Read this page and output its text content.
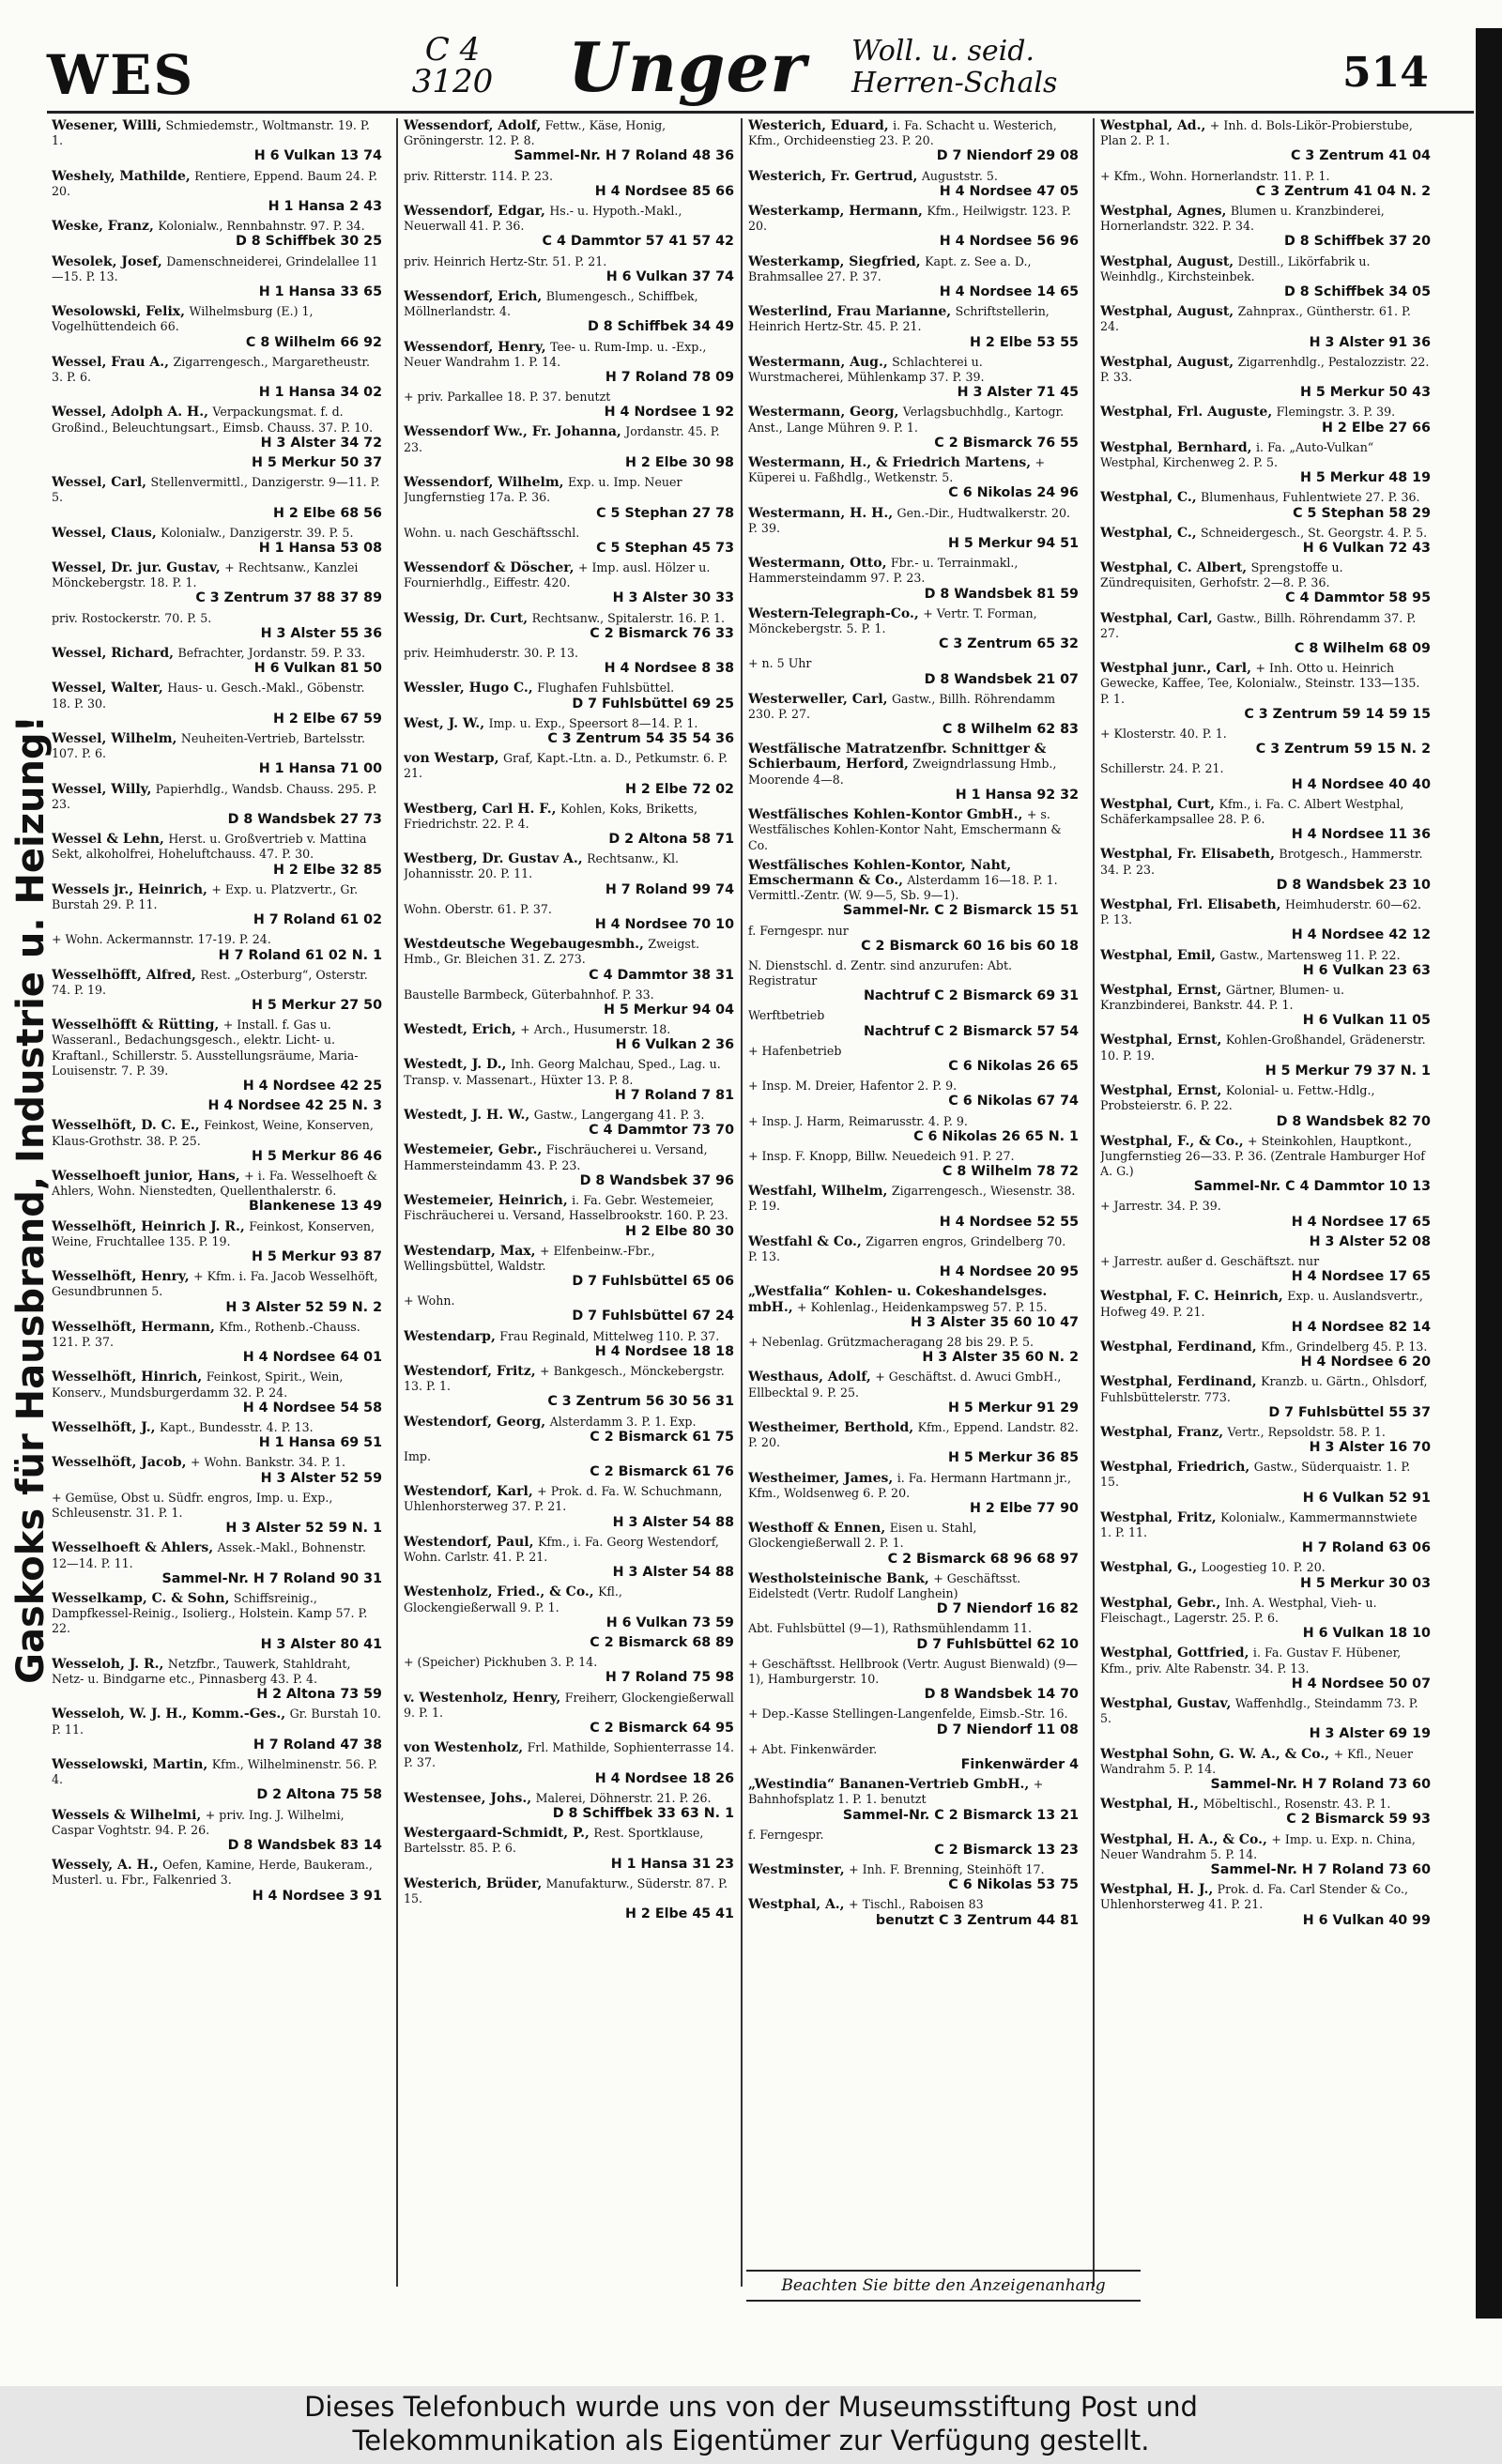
WES	C 4
3120 Unger Woll. u. seid.
Herren-Schals	514
Gaskoks für Hausbrand, Industrie u. Heizung!
Wesener, Willi, Schmiedemstr., Woltmanstr. 19. P. 1.
H 6 Vulkan 13 74
Weshely, Mathilde, Rentiere, Eppend. Baum 24. P. 20.
H 1 Hansa 2 43
Weske, Franz, Kolonialw., Rennbahnstr. 97. P. 34.
D 8 Schiffbek 30 25
Wesolek, Josef, Damenschneiderei, Grindelallee 11—15. P. 13.
H 1 Hansa 33 65
Wesolowski, Felix, Wilhelmsburg (E.) 1, Vogelhüttendeich 66.
C 8 Wilhelm 66 92
Wessel, Frau A., Zigarrengesch., Margaretheustr. 3. P. 6.
H 1 Hansa 34 02
Wessel, Adolph A. H., Verpackungsmat. f. d. Großind., Beleuchtungsart., Eimsb. Chauss. 37. P. 10.
H 3 Alster 34 72
H 5 Merkur 50 37
Wessel, Carl, Stellenvermittl., Danzigerstr. 9—11. P. 5.
H 2 Elbe 68 56
Wessel, Claus, Kolonialw., Danzigerstr. 39. P. 5.
H 1 Hansa 53 08
Wessel, Dr. jur. Gustav, + Rechtsanw., Kanzlei Mönckebergstr. 18. P. 1.
C 3 Zentrum 37 88 37 89
priv. Rostockerstr. 70. P. 5.
H 3 Alster 55 36
Wessel, Richard, Befrachter, Jordanstr. 59. P. 33.
H 6 Vulkan 81 50
Wessel, Walter, Haus- u. Gesch.-Makl., Göbenstr. 18. P. 30.
H 2 Elbe 67 59
Wessel, Wilhelm, Neuheiten-Vertrieb, Bartelsstr. 107. P. 6.
H 1 Hansa 71 00
Wessel, Willy, Papierhdlg., Wandsb. Chauss. 295. P. 23.
D 8 Wandsbek 27 73
Wessel & Lehn, Herst. u. Großvertrieb v. Mattina Sekt, alkoholfrei, Hoheluftchauss. 47. P. 30.
H 2 Elbe 32 85
Wessels jr., Heinrich, + Exp. u. Platzvertr., Gr. Burstah 29. P. 11.
H 7 Roland 61 02
+ Wohn. Ackermannstr. 17-19. P. 24.
H 7 Roland 61 02 N. 1
Wesselhöfft, Alfred, Rest. „Osterburg“, Osterstr. 74. P. 19.
H 5 Merkur 27 50
Wesselhöfft & Rütting, + Install. f. Gas u. Wasseranl., Bedachungsgesch., elektr. Licht- u. Kraftanl., Schillerstr. 5. Ausstellungsräume, Maria-Louisenstr. 7. P. 39.
H 4 Nordsee 42 25
H 4 Nordsee 42 25 N. 3
Wesselhöft, D. C. E., Feinkost, Weine, Konserven, Klaus-Grothstr. 38. P. 25.
H 5 Merkur 86 46
Wesselhoeft junior, Hans, + i. Fa. Wesselhoeft & Ahlers, Wohn. Nienstedten, Quellenthalerstr. 6.
Blankenese 13 49
Wesselhöft, Heinrich J. R., Feinkost, Konserven, Weine, Fruchtallee 135. P. 19.
H 5 Merkur 93 87
Wesselhöft, Henry, + Kfm. i. Fa. Jacob Wesselhöft, Gesundbrunnen 5.
H 3 Alster 52 59 N. 2
Wesselhöft, Hermann, Kfm., Rothenb.-Chauss. 121. P. 37.
H 4 Nordsee 64 01
Wesselhöft, Hinrich, Feinkost, Spirit., Wein, Konserv., Mundsburgerdamm 32. P. 24.
H 4 Nordsee 54 58
Wesselhöft, J., Kapt., Bundesstr. 4. P. 13.
H 1 Hansa 69 51
Wesselhöft, Jacob, + Wohn. Bankstr. 34. P. 1.
H 3 Alster 52 59
+ Gemüse, Obst u. Südfr. engros, Imp. u. Exp., Schleusenstr. 31. P. 1.
H 3 Alster 52 59 N. 1
Wesselhoeft & Ahlers, Assek.-Makl., Bohnenstr. 12—14. P. 11.
Sammel-Nr. H 7 Roland 90 31
Wesselkamp, C. & Sohn, Schiffsreinig., Dampfkessel-Reinig., Isolierg., Holstein. Kamp 57. P. 22.
H 3 Alster 80 41
Wesseloh, J. R., Netzfbr., Tauwerk, Stahldraht, Netz- u. Bindgarne etc., Pinnasberg 43. P. 4.
H 2 Altona 73 59
Wesseloh, W. J. H., Komm.-Ges., Gr. Burstah 10. P. 11.
H 7 Roland 47 38
Wesselowski, Martin, Kfm., Wilhelminenstr. 56. P. 4.
D 2 Altona 75 58
Wessels & Wilhelmi, + priv. Ing. J. Wilhelmi, Caspar Voghtstr. 94. P. 26.
D 8 Wandsbek 83 14
Wessely, A. H., Oefen, Kamine, Herde, Baukeram., Musterl. u. Fbr., Falkenried 3.
H 4 Nordsee 3 91
Wessendorf, Adolf, Fettw., Käse, Honig, Gröningerstr. 12. P. 8.
Sammel-Nr. H 7 Roland 48 36
priv. Ritterstr. 114. P. 23.
H 4 Nordsee 85 66
Wessendorf, Edgar, Hs.- u. Hypoth.-Makl., Neuerwall 41. P. 36.
C 4 Dammtor 57 41 57 42
priv. Heinrich Hertz-Str. 51. P. 21.
H 6 Vulkan 37 74
Wessendorf, Erich, Blumengesch., Schiffbek, Möllnerlandstr. 4.
D 8 Schiffbek 34 49
Wessendorf, Henry, Tee- u. Rum-Imp. u. -Exp., Neuer Wandrahm 1. P. 14.
H 7 Roland 78 09
+ priv. Parkallee 18. P. 37. benutzt
H 4 Nordsee 1 92
Wessendorf Ww., Fr. Johanna, Jordanstr. 45. P. 23.
H 2 Elbe 30 98
Wessendorf, Wilhelm, Exp. u. Imp. Neuer Jungfernstieg 17a. P. 36.
C 5 Stephan 27 78
Wohn. u. nach Geschäftsschl.
C 5 Stephan 45 73
Wessendorf & Döscher, + Imp. ausl. Hölzer u. Fournierhdlg., Eiffestr. 420.
H 3 Alster 30 33
Wessig, Dr. Curt, Rechtsanw., Spitalerstr. 16. P. 1.
C 2 Bismarck 76 33
priv. Heimhuderstr. 30. P. 13.
H 4 Nordsee 8 38
Wessler, Hugo C., Flughafen Fuhlsbüttel.
D 7 Fuhlsbüttel 69 25
West, J. W., Imp. u. Exp., Speersort 8—14. P. 1.
C 3 Zentrum 54 35 54 36
von Westarp, Graf, Kapt.-Ltn. a. D., Petkumstr. 6. P. 21.
H 2 Elbe 72 02
Westberg, Carl H. F., Kohlen, Koks, Briketts, Friedrichstr. 22. P. 4.
D 2 Altona 58 71
Westberg, Dr. Gustav A., Rechtsanw., Kl. Johannisstr. 20. P. 11.
H 7 Roland 99 74
Wohn. Oberstr. 61. P. 37.
H 4 Nordsee 70 10
Westdeutsche Wegebaugesmbh., Zweigst. Hmb., Gr. Bleichen 31. Z. 273.
C 4 Dammtor 38 31
Baustelle Barmbeck, Güterbahnhof. P. 33.
H 5 Merkur 94 04
Westedt, Erich, + Arch., Husumerstr. 18.
H 6 Vulkan 2 36
Westedt, J. D., Inh. Georg Malchau, Sped., Lag. u. Transp. v. Massenart., Hüxter 13. P. 8.
H 7 Roland 7 81
Westedt, J. H. W., Gastw., Langergang 41. P. 3.
C 4 Dammtor 73 70
Westemeier, Gebr., Fischräucherei u. Versand, Hammersteindamm 43. P. 23.
D 8 Wandsbek 37 96
Westemeier, Heinrich, i. Fa. Gebr. Westemeier, Fischräucherei u. Versand, Hasselbrookstr. 160. P. 23.
H 2 Elbe 80 30
Westendarp, Max, + Elfenbeinw.-Fbr., Wellingsbüttel, Waldstr.
D 7 Fuhlsbüttel 65 06
+ Wohn.
D 7 Fuhlsbüttel 67 24
Westendarp, Frau Reginald, Mittelweg 110. P. 37.
H 4 Nordsee 18 18
Westendorf, Fritz, + Bankgesch., Mönckebergstr. 13. P. 1.
C 3 Zentrum 56 30 56 31
Westendorf, Georg, Alsterdamm 3. P. 1. Exp.
C 2 Bismarck 61 75
Imp.
C 2 Bismarck 61 76
Westendorf, Karl, + Prok. d. Fa. W. Schuchmann, Uhlenhorsterweg 37. P. 21.
H 3 Alster 54 88
Westendorf, Paul, Kfm., i. Fa. Georg Westendorf, Wohn. Carlstr. 41. P. 21.
H 3 Alster 54 88
Westenholz, Fried., & Co., Kfl., Glockengießerwall 9. P. 1.
H 6 Vulkan 73 59
C 2 Bismarck 68 89
+ (Speicher) Pickhuben 3. P. 14.
H 7 Roland 75 98
v. Westenholz, Henry, Freiherr, Glockengießerwall 9. P. 1.
C 2 Bismarck 64 95
von Westenholz, Frl. Mathilde, Sophienterrasse 14. P. 37.
H 4 Nordsee 18 26
Westensee, Johs., Malerei, Döhnerstr. 21. P. 26.
D 8 Schiffbek 33 63 N. 1
Westergaard-Schmidt, P., Rest. Sportklause, Bartelsstr. 85. P. 6.
H 1 Hansa 31 23
Westerich, Brüder, Manufakturw., Süderstr. 87. P. 15.
H 2 Elbe 45 41
Westerich, Eduard, i. Fa. Schacht u. Westerich, Kfm., Orchideenstieg 23. P. 20.
D 7 Niendorf 29 08
Westerich, Fr. Gertrud, Auguststr. 5.
H 4 Nordsee 47 05
Westerkamp, Hermann, Kfm., Heilwigstr. 123. P. 20.
H 4 Nordsee 56 96
Westerkamp, Siegfried, Kapt. z. See a. D., Brahmsallee 27. P. 37.
H 4 Nordsee 14 65
Westerlind, Frau Marianne, Schriftstellerin, Heinrich Hertz-Str. 45. P. 21.
H 2 Elbe 53 55
Westermann, Aug., Schlachterei u. Wurstmacherei, Mühlenkamp 37. P. 39.
H 3 Alster 71 45
Westermann, Georg, Verlagsbuchhdlg., Kartogr. Anst., Lange Mühren 9. P. 1.
C 2 Bismarck 76 55
Westermann, H., & Friedrich Martens, + Küperei u. Faßhdlg., Wetkenstr. 5.
C 6 Nikolas 24 96
Westermann, H. H., Gen.-Dir., Hudtwalkerstr. 20. P. 39.
H 5 Merkur 94 51
Westermann, Otto, Fbr.- u. Terrainmakl., Hammersteindamm 97. P. 23.
D 8 Wandsbek 81 59
Western-Telegraph-Co., + Vertr. T. Forman, Mönckebergstr. 5. P. 1.
C 3 Zentrum 65 32
+ n. 5 Uhr
D 8 Wandsbek 21 07
Westerweller, Carl, Gastw., Billh. Röhrendamm 230. P. 27.
C 8 Wilhelm 62 83
Westfälische Matratzenfbr. Schnittger & Schierbaum, Herford, Zweigndrlassung Hmb., Moorende 4—8.
H 1 Hansa 92 32
Westfälisches Kohlen-Kontor GmbH., + s. Westfälisches Kohlen-Kontor Naht, Emschermann & Co.
Westfälisches Kohlen-Kontor, Naht, Emschermann & Co., Alsterdamm 16—18. P. 1. Vermittl.-Zentr. (W. 9—5, Sb. 9—1).
Sammel-Nr. C 2 Bismarck 15 51
f. Ferngespr. nur
C 2 Bismarck 60 16 bis 60 18
N. Dienstschl. d. Zentr. sind anzurufen: Abt. Registratur
Nachtruf C 2 Bismarck 69 31
Werftbetrieb
Nachtruf C 2 Bismarck 57 54
+ Hafenbetrieb
C 6 Nikolas 26 65
+ Insp. M. Dreier, Hafentor 2. P. 9.
C 6 Nikolas 67 74
+ Insp. J. Harm, Reimarusstr. 4. P. 9.
C 6 Nikolas 26 65 N. 1
+ Insp. F. Knopp, Billw. Neuedeich 91. P. 27.
C 8 Wilhelm 78 72
Westfahl, Wilhelm, Zigarrengesch., Wiesenstr. 38. P. 19.
H 4 Nordsee 52 55
Westfahl & Co., Zigarren engros, Grindelberg 70. P. 13.
H 4 Nordsee 20 95
„Westfalia“ Kohlen- u. Cokeshandelsges. mbH., + Kohlenlag., Heidenkampsweg 57. P. 15.
H 3 Alster 35 60 10 47
+ Nebenlag. Grützmacheragang 28 bis 29. P. 5.
H 3 Alster 35 60 N. 2
Westhaus, Adolf, + Geschäftst. d. Awuci GmbH., Ellbecktal 9. P. 25.
H 5 Merkur 91 29
Westheimer, Berthold, Kfm., Eppend. Landstr. 82. P. 20.
H 5 Merkur 36 85
Westheimer, James, i. Fa. Hermann Hartmann jr., Kfm., Woldsenweg 6. P. 20.
H 2 Elbe 77 90
Westhoff & Ennen, Eisen u. Stahl, Glockengießerwall 2. P. 1.
C 2 Bismarck 68 96 68 97
Westholsteinische Bank, + Geschäftsst. Eidelstedt (Vertr. Rudolf Langhein)
D 7 Niendorf 16 82
Abt. Fuhlsbüttel (9—1), Rathsmühlendamm 11.
D 7 Fuhlsbüttel 62 10
+ Geschäftsst. Hellbrook (Vertr. August Bienwald) (9—1), Hamburgerstr. 10.
D 8 Wandsbek 14 70
+ Dep.-Kasse Stellingen-Langenfelde, Eimsb.-Str. 16.
D 7 Niendorf 11 08
+ Abt. Finkenwärder.
Finkenwärder 4
„Westindia“ Bananen-Vertrieb GmbH., + Bahnhofsplatz 1. P. 1. benutzt
Sammel-Nr. C 2 Bismarck 13 21
f. Ferngespr.
C 2 Bismarck 13 23
Westminster, + Inh. F. Brenning, Steinhöft 17.
C 6 Nikolas 53 75
Westphal, A., + Tischl., Raboisen 83
benutzt C 3 Zentrum 44 81
Westphal, Ad., + Inh. d. Bols-Likör-Probierstube, Plan 2. P. 1.
C 3 Zentrum 41 04
+ Kfm., Wohn. Hornerlandstr. 11. P. 1.
C 3 Zentrum 41 04 N. 2
Westphal, Agnes, Blumen u. Kranzbinderei, Hornerlandstr. 322. P. 34.
D 8 Schiffbek 37 20
Westphal, August, Destill., Likörfabrik u. Weinhdlg., Kirchsteinbek.
D 8 Schiffbek 34 05
Westphal, August, Zahnprax., Güntherstr. 61. P. 24.
H 3 Alster 91 36
Westphal, August, Zigarrenhdlg., Pestalozzistr. 22. P. 33.
H 5 Merkur 50 43
Westphal, Frl. Auguste, Flemingstr. 3. P. 39.
H 2 Elbe 27 66
Westphal, Bernhard, i. Fa. „Auto-Vulkan“ Westphal, Kirchenweg 2. P. 5.
H 5 Merkur 48 19
Westphal, C., Blumenhaus, Fuhlentwiete 27. P. 36.
C 5 Stephan 58 29
Westphal, C., Schneidergesch., St. Georgstr. 4. P. 5.
H 6 Vulkan 72 43
Westphal, C. Albert, Sprengstoffe u. Zündrequisiten, Gerhofstr. 2—8. P. 36.
C 4 Dammtor 58 95
Westphal, Carl, Gastw., Billh. Röhrendamm 37. P. 27.
C 8 Wilhelm 68 09
Westphal junr., Carl, + Inh. Otto u. Heinrich Gewecke, Kaffee, Tee, Kolonialw., Steinstr. 133—135. P. 1.
C 3 Zentrum 59 14 59 15
+ Klosterstr. 40. P. 1.
C 3 Zentrum 59 15 N. 2
Schillerstr. 24. P. 21.
H 4 Nordsee 40 40
Westphal, Curt, Kfm., i. Fa. C. Albert Westphal, Schäferkampsallee 28. P. 6.
H 4 Nordsee 11 36
Westphal, Fr. Elisabeth, Brotgesch., Hammerstr. 34. P. 23.
D 8 Wandsbek 23 10
Westphal, Frl. Elisabeth, Heimhuderstr. 60—62. P. 13.
H 4 Nordsee 42 12
Westphal, Emil, Gastw., Martensweg 11. P. 22.
H 6 Vulkan 23 63
Westphal, Ernst, Gärtner, Blumen- u. Kranzbinderei, Bankstr. 44. P. 1.
H 6 Vulkan 11 05
Westphal, Ernst, Kohlen-Großhandel, Grädenerstr. 10. P. 19.
H 5 Merkur 79 37 N. 1
Westphal, Ernst, Kolonial- u. Fettw.-Hdlg., Probsteierstr. 6. P. 22.
D 8 Wandsbek 82 70
Westphal, F., & Co., + Steinkohlen, Hauptkont., Jungfernstieg 26—33. P. 36. (Zentrale Hamburger Hof A. G.)
Sammel-Nr. C 4 Dammtor 10 13
+ Jarrestr. 34. P. 39.
H 4 Nordsee 17 65
H 3 Alster 52 08
+ Jarrestr. außer d. Geschäftszt. nur
H 4 Nordsee 17 65
Westphal, F. C. Heinrich, Exp. u. Auslandsvertr., Hofweg 49. P. 21.
H 4 Nordsee 82 14
Westphal, Ferdinand, Kfm., Grindelberg 45. P. 13.
H 4 Nordsee 6 20
Westphal, Ferdinand, Kranzb. u. Gärtn., Ohlsdorf, Fuhlsbüttelerstr. 773.
D 7 Fuhlsbüttel 55 37
Westphal, Franz, Vertr., Repsoldstr. 58. P. 1.
H 3 Alster 16 70
Westphal, Friedrich, Gastw., Süderquaistr. 1. P. 15.
H 6 Vulkan 52 91
Westphal, Fritz, Kolonialw., Kammermannstwiete 1. P. 11.
H 7 Roland 63 06
Westphal, G., Loogestieg 10. P. 20.
H 5 Merkur 30 03
Westphal, Gebr., Inh. A. Westphal, Vieh- u. Fleischagt., Lagerstr. 25. P. 6.
H 6 Vulkan 18 10
Westphal, Gottfried, i. Fa. Gustav F. Hübener, Kfm., priv. Alte Rabenstr. 34. P. 13.
H 4 Nordsee 50 07
Westphal, Gustav, Waffenhdlg., Steindamm 73. P. 5.
H 3 Alster 69 19
Westphal Sohn, G. W. A., & Co., + Kfl., Neuer Wandrahm 5. P. 14.
Sammel-Nr. H 7 Roland 73 60
Westphal, H., Möbeltischl., Rosenstr. 43. P. 1.
C 2 Bismarck 59 93
Westphal, H. A., & Co., + Imp. u. Exp. n. China, Neuer Wandrahm 5. P. 14.
Sammel-Nr. H 7 Roland 73 60
Westphal, H. J., Prok. d. Fa. Carl Stender & Co., Uhlenhorsterweg 41. P. 21.
H 6 Vulkan 40 99
Beachten Sie bitte den Anzeigenanhang
Dieses Telefonbuch wurde uns von der Museumsstiftung Post und
Telekommunikation als Eigentümer zur Verfügung gestellt.
